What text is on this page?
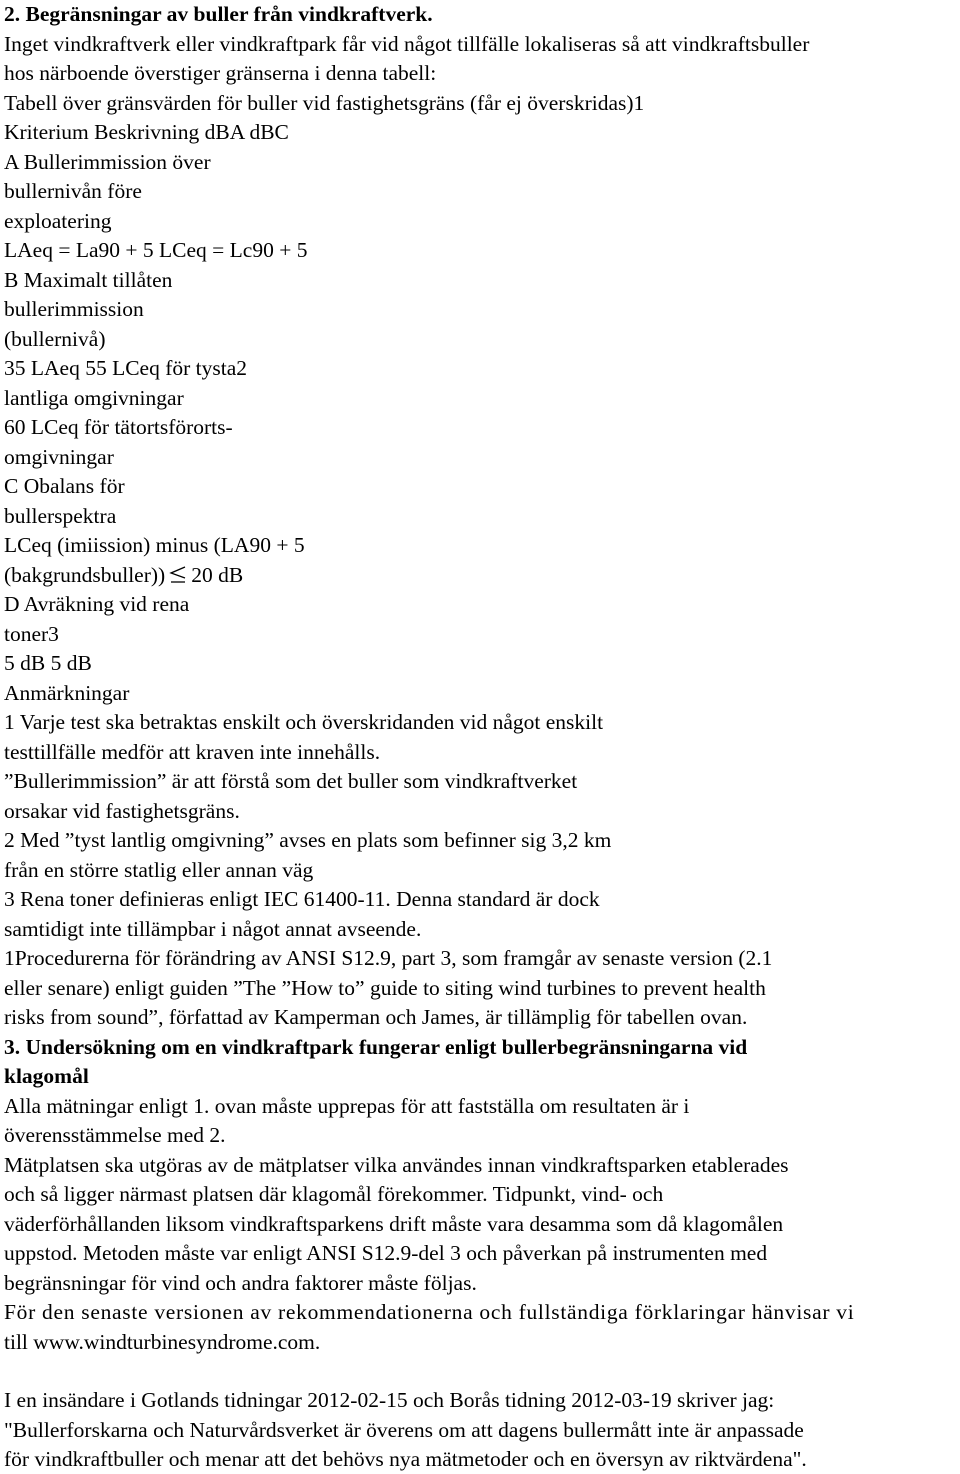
2. Begränsningar av buller från vindkraftverk.
Inget vindkraftverk eller vindkraftpark får vid något tillfälle lokaliseras så att vindkraftsbuller
hos närboende överstiger gränserna i denna tabell:
Tabell över gränsvärden för buller vid fastighetsgräns (får ej överskridas)1
Kriterium Beskrivning dBA dBC
A Bullerimmission över
bullernivån före
exploatering
LAeq = La90 + 5 LCeq = Lc90 + 5
B Maximalt tillåten
bullerimmission
(bullernivå)
35 LAeq 55 LCeq för tysta2
lantliga omgivningar
60 LCeq för tätortsförorts-
omgivningar
C Obalans för
bullerspektra
LCeq (imiission) minus (LA90 + 5
(bakgrundsbuller)) 20 dB
D Avräkning vid rena
toner3
5 dB 5 dB
Anmärkningar
1 Varje test ska betraktas enskilt och överskridanden vid något enskilt
testtillfälle medför att kraven inte innehålls.
”Bullerimmission” är att förstå som det buller som vindkraftverket
orsakar vid fastighetsgräns.
2 Med ”tyst lantlig omgivning” avses en plats som befinner sig 3,2 km
från en större statlig eller annan väg
3 Rena toner definieras enligt IEC 61400-11. Denna standard är dock
samtidigt inte tillämpbar i något annat avseende.
1Procedurerna för förändring av ANSI S12.9, part 3, som framgår av senaste version (2.1
eller senare) enligt guiden ”The ”How to” guide to siting wind turbines to prevent health
risks from sound”, författad av Kamperman och James, är tillämplig för tabellen ovan.
3. Undersökning om en vindkraftpark fungerar enligt bullerbegränsningarna vid
klagomål
Alla mätningar enligt 1. ovan måste upprepas för att fastställa om resultaten är i
överensstämmelse med 2.
Mätplatsen ska utgöras av de mätplatser vilka användes innan vindkraftsparken etablerades
och så ligger närmast platsen där klagomål förekommer. Tidpunkt, vind- och
väderförhållanden liksom vindkraftsparkens drift måste vara desamma som då klagomålen
uppstod. Metoden måste var enligt ANSI S12.9-del 3 och påverkan på instrumenten med
begränsningar för vind och andra faktorer måste följas.
För den senaste versionen av rekommendationerna och fullständiga förklaringar hänvisar vi
till www.windturbinesyndrome.com.
I en insändare i Gotlands tidningar 2012-02-15 och Borås tidning 2012-03-19 skriver jag:
"Bullerforskarna och Naturvårdsverket är överens om att dagens bullermått inte är anpassade
för vindkraftbuller och menar att det behövs nya mätmetoder och en översyn av riktvärdena".
